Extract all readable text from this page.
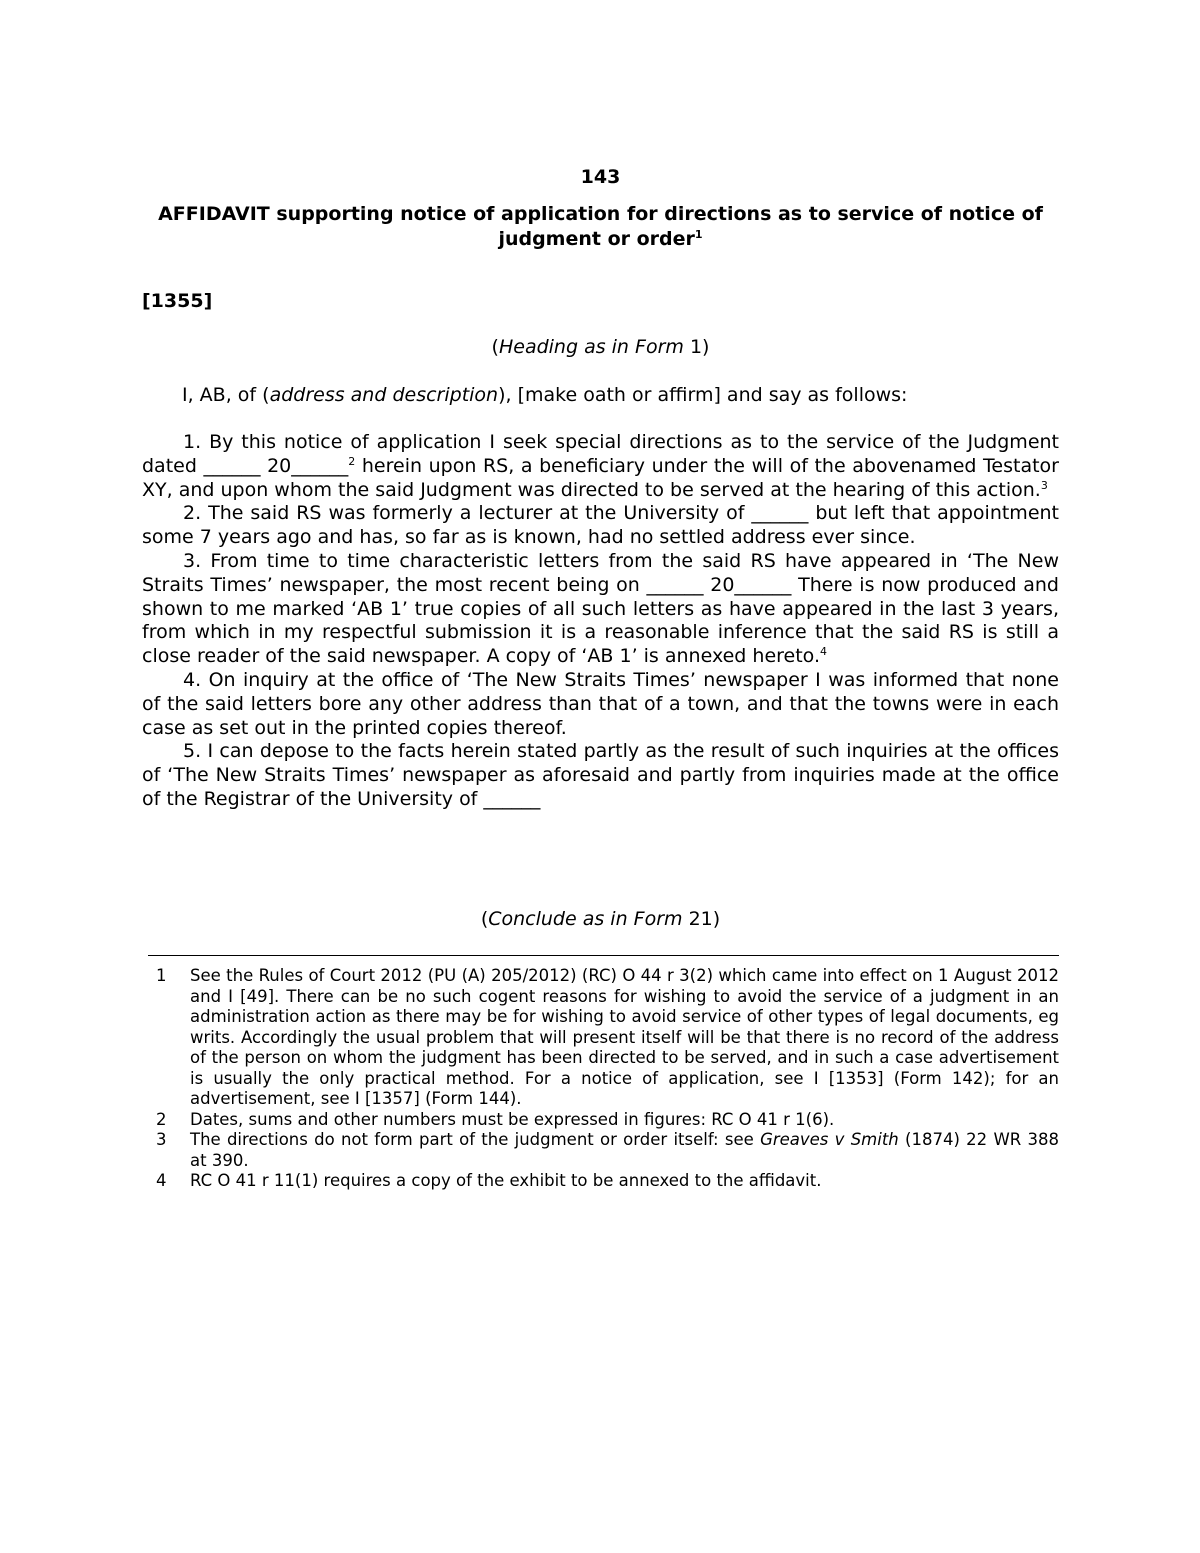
143
AFFIDAVIT supporting notice of application for directions as to service of notice of judgment or order$^1$
[1355]
(Heading as in Form 1)
I, AB, of (address and description), [make oath or affirm] and say as follows:

1. By this notice of application I seek special directions as to the service of the Judgment dated ______ 20______$^2$ herein upon RS, a beneficiary under the will of the abovenamed Testator XY, and upon whom the said Judgment was directed to be served at the hearing of this action.$^3$

2. The said RS was formerly a lecturer at the University of ______ but left that appointment some 7 years ago and has, so far as is known, had no settled address ever since.

3. From time to time characteristic letters from the said RS have appeared in ‘The New Straits Times’ newspaper, the most recent being on ______ 20______ There is now produced and shown to me marked ‘AB 1’ true copies of all such letters as have appeared in the last 3 years, from which in my respectful submission it is a reasonable inference that the said RS is still a close reader of the said newspaper. A copy of ‘AB 1’ is annexed hereto.$^4$

4. On inquiry at the office of ‘The New Straits Times’ newspaper I was informed that none of the said letters bore any other address than that of a town, and that the towns were in each case as set out in the printed copies thereof.

5. I can depose to the facts herein stated partly as the result of such inquiries at the offices of ‘The New Straits Times’ newspaper as aforesaid and partly from inquiries made at the office of the Registrar of the University of ______

(Conclude as in Form 21)
1	See the Rules of Court 2012 (PU (A) 205/2012) (RC) O 44 r 3(2) which came into effect on 1 August 2012 and I [49]. There can be no such cogent reasons for wishing to avoid the service of a judgment in an administration action as there may be for wishing to avoid service of other types of legal documents, eg writs. Accordingly the usual problem that will present itself will be that there is no record of the address of the person on whom the judgment has been directed to be served, and in such a case advertisement is usually the only practical method. For a notice of application, see I [1353] (Form 142); for an advertisement, see I [1357] (Form 144).
2	Dates, sums and other numbers must be expressed in figures: RC O 41 r 1(6).
3	The directions do not form part of the judgment or order itself: see Greaves v Smith (1874) 22 WR 388 at 390.
4	RC O 41 r 11(1) requires a copy of the exhibit to be annexed to the affidavit.
